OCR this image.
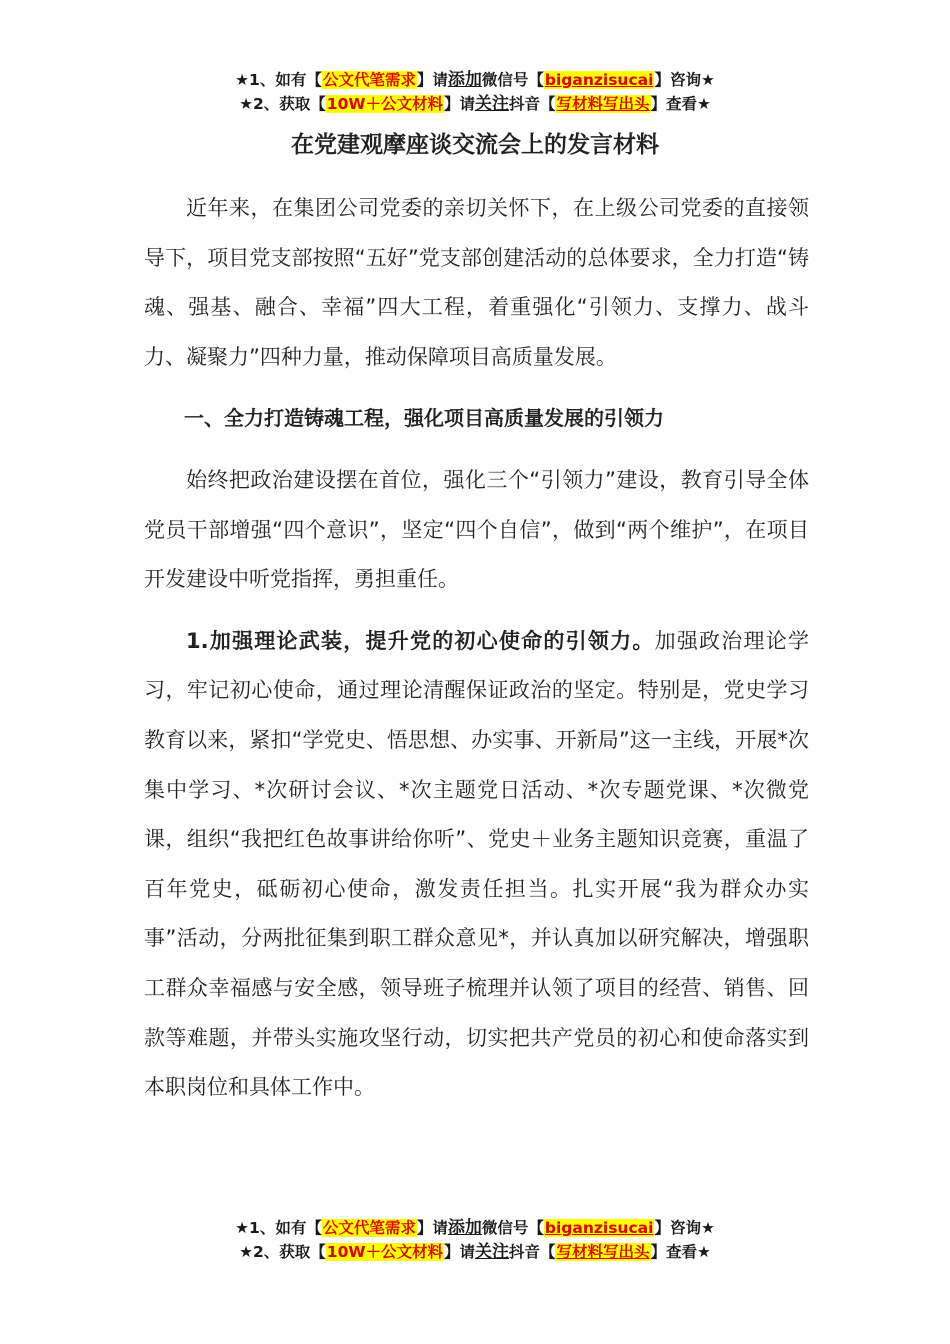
★1、如有【公文代笔需求】请添加微信号【biganzisucai】咨询★
★2、获取【10W＋公文材料】请关注抖音【写材料写出头】查看★
在党建观摩座谈交流会上的发言材料

近年来，在集团公司党委的亲切关怀下，在上级公司党委的直接领导下，项目党支部按照“五好”党支部创建活动的总体要求，全力打造“铸魂、强基、融合、幸福”四大工程，着重强化“引领力、支撑力、战斗力、凝聚力”四种力量，推动保障项目高质量发展。

一、全力打造铸魂工程，强化项目高质量发展的引领力

始终把政治建设摆在首位，强化三个“引领力”建设，教育引导全体党员干部增强“四个意识”，坚定“四个自信”，做到“两个维护”，在项目开发建设中听党指挥，勇担重任。

1.加强理论武装，提升党的初心使命的引领力。加强政治理论学习，牢记初心使命，通过理论清醒保证政治的坚定。特别是，党史学习教育以来，紧扣“学党史、悟思想、办实事、开新局”这一主线，开展*次集中学习、*次研讨会议、*次主题党日活动、*次专题党课、*次微党课，组织“我把红色故事讲给你听”、党史＋业务主题知识竞赛，重温了百年党史，砥砺初心使命，激发责任担当。扎实开展“我为群众办实事”活动，分两批征集到职工群众意见*，并认真加以研究解决，增强职工群众幸福感与安全感，领导班子梳理并认领了项目的经营、销售、回款等难题，并带头实施攻坚行动，切实把共产党员的初心和使命落实到本职岗位和具体工作中。

★1、如有【公文代笔需求】请添加微信号【biganzisucai】咨询★
★2、获取【10W＋公文材料】请关注抖音【写材料写出头】查看★
